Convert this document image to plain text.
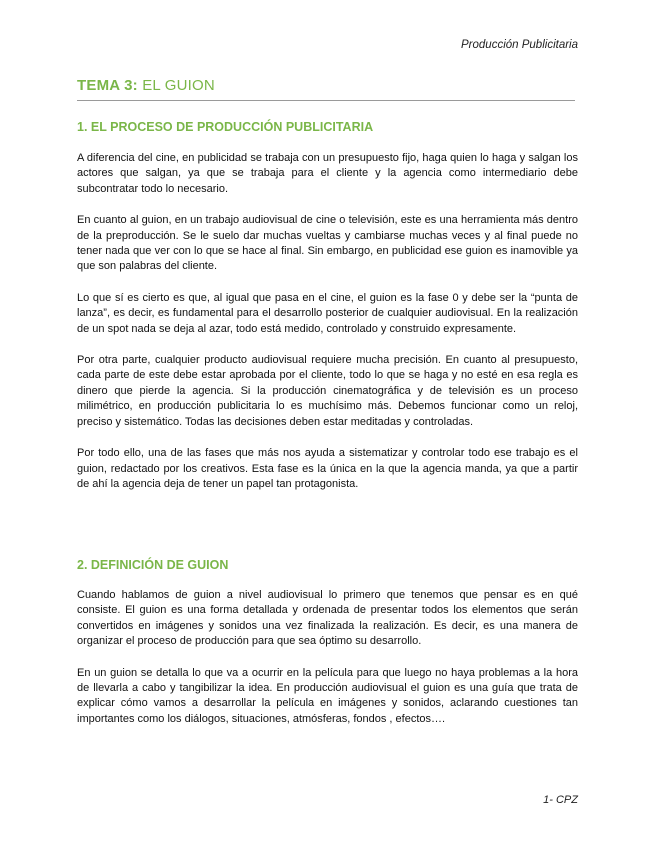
Producción Publicitaria
TEMA 3: EL GUION
1. EL PROCESO DE PRODUCCIÓN PUBLICITARIA

A diferencia del cine, en publicidad se trabaja con un presupuesto fijo, haga quien lo haga y salgan los actores que salgan, ya que se trabaja para el cliente y la agencia como intermediario debe subcontratar todo lo necesario.

En cuanto al guion, en un trabajo audiovisual de cine o televisión, este es una herramienta más dentro de la preproducción. Se le suelo dar muchas vueltas y cambiarse muchas veces y al final puede no tener nada que ver con lo que se hace al final. Sin embargo, en publicidad ese guion es inamovible ya que son palabras del cliente.

Lo que sí es cierto es que, al igual que pasa en el cine, el guion es la fase 0 y debe ser la “punta de lanza”, es decir, es fundamental para el desarrollo posterior de cualquier audiovisual. En la realización de un spot nada se deja al azar, todo está medido, controlado y construido expresamente.

Por otra parte, cualquier producto audiovisual requiere mucha precisión. En cuanto al presupuesto, cada parte de este debe estar aprobada por el cliente, todo lo que se haga y no esté en esa regla es dinero que pierde la agencia. Si la producción cinematográfica y de televisión es un proceso milimétrico, en producción publicitaria lo es muchísimo más. Debemos funcionar como un reloj, preciso y sistemático. Todas las decisiones deben estar meditadas y controladas.

Por todo ello, una de las fases que más nos ayuda a sistematizar y controlar todo ese trabajo es el guion, redactado por los creativos. Esta fase es la única en la que la agencia manda, ya que a partir de ahí la agencia deja de tener un papel tan protagonista.

2. DEFINICIÓN DE GUION

Cuando hablamos de guion a nivel audiovisual lo primero que tenemos que pensar es en qué consiste. El guion es una forma detallada y ordenada de presentar todos los elementos que serán convertidos en imágenes y sonidos una vez finalizada la realización. Es decir, es una manera de organizar el proceso de producción para que sea óptimo su desarrollo.

En un guion se detalla lo que va a ocurrir en la película para que luego no haya problemas a la hora de llevarla a cabo y tangibilizar la idea. En producción audiovisual el guion es una guía que trata de explicar cómo vamos a desarrollar la película en imágenes y sonidos, aclarando cuestiones tan importantes como los diálogos, situaciones, atmósferas, fondos , efectos….

1- CPZ
